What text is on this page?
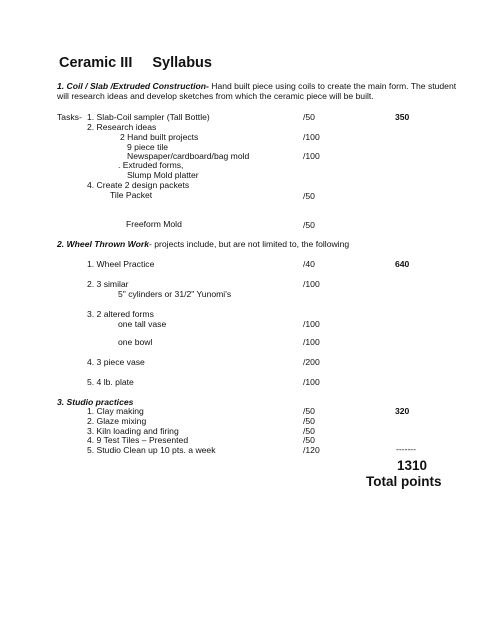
Ceramic III Syllabus
1. Coil / Slab /Extruded Construction- Hand built piece using coils to create the main form. The student will research ideas and develop sketches from which the ceramic piece will be built.
Tasks- 1. Slab-Coil sampler (Tall Bottle)	/50	350
2. Research ideas
2 Hand built projects	/100
9 piece tile
Newspaper/cardboard/bag mold	/100
. Extruded forms,
Slump Mold platter
4. Create 2 design packets
Tile Packet	/50
Freeform Mold	/50
2. Wheel Thrown Work- projects include, but are not limited to, the following
1. Wheel Practice	/40	640
2. 3 similar	/100
5" cylinders or 31/2" Yunomi's
3. 2 altered forms
one tall vase	/100
one bowl	/100
4. 3 piece vase	/200
5. 4 lb. plate	/100
3. Studio practices
1. Clay making	/50	320
2. Glaze mixing	/50
3. Kiln loading and firing	/50
4. 9 Test Tiles – Presented	/50
5. Studio Clean up 10 pts. a week	/120	-------
1310
Total points
